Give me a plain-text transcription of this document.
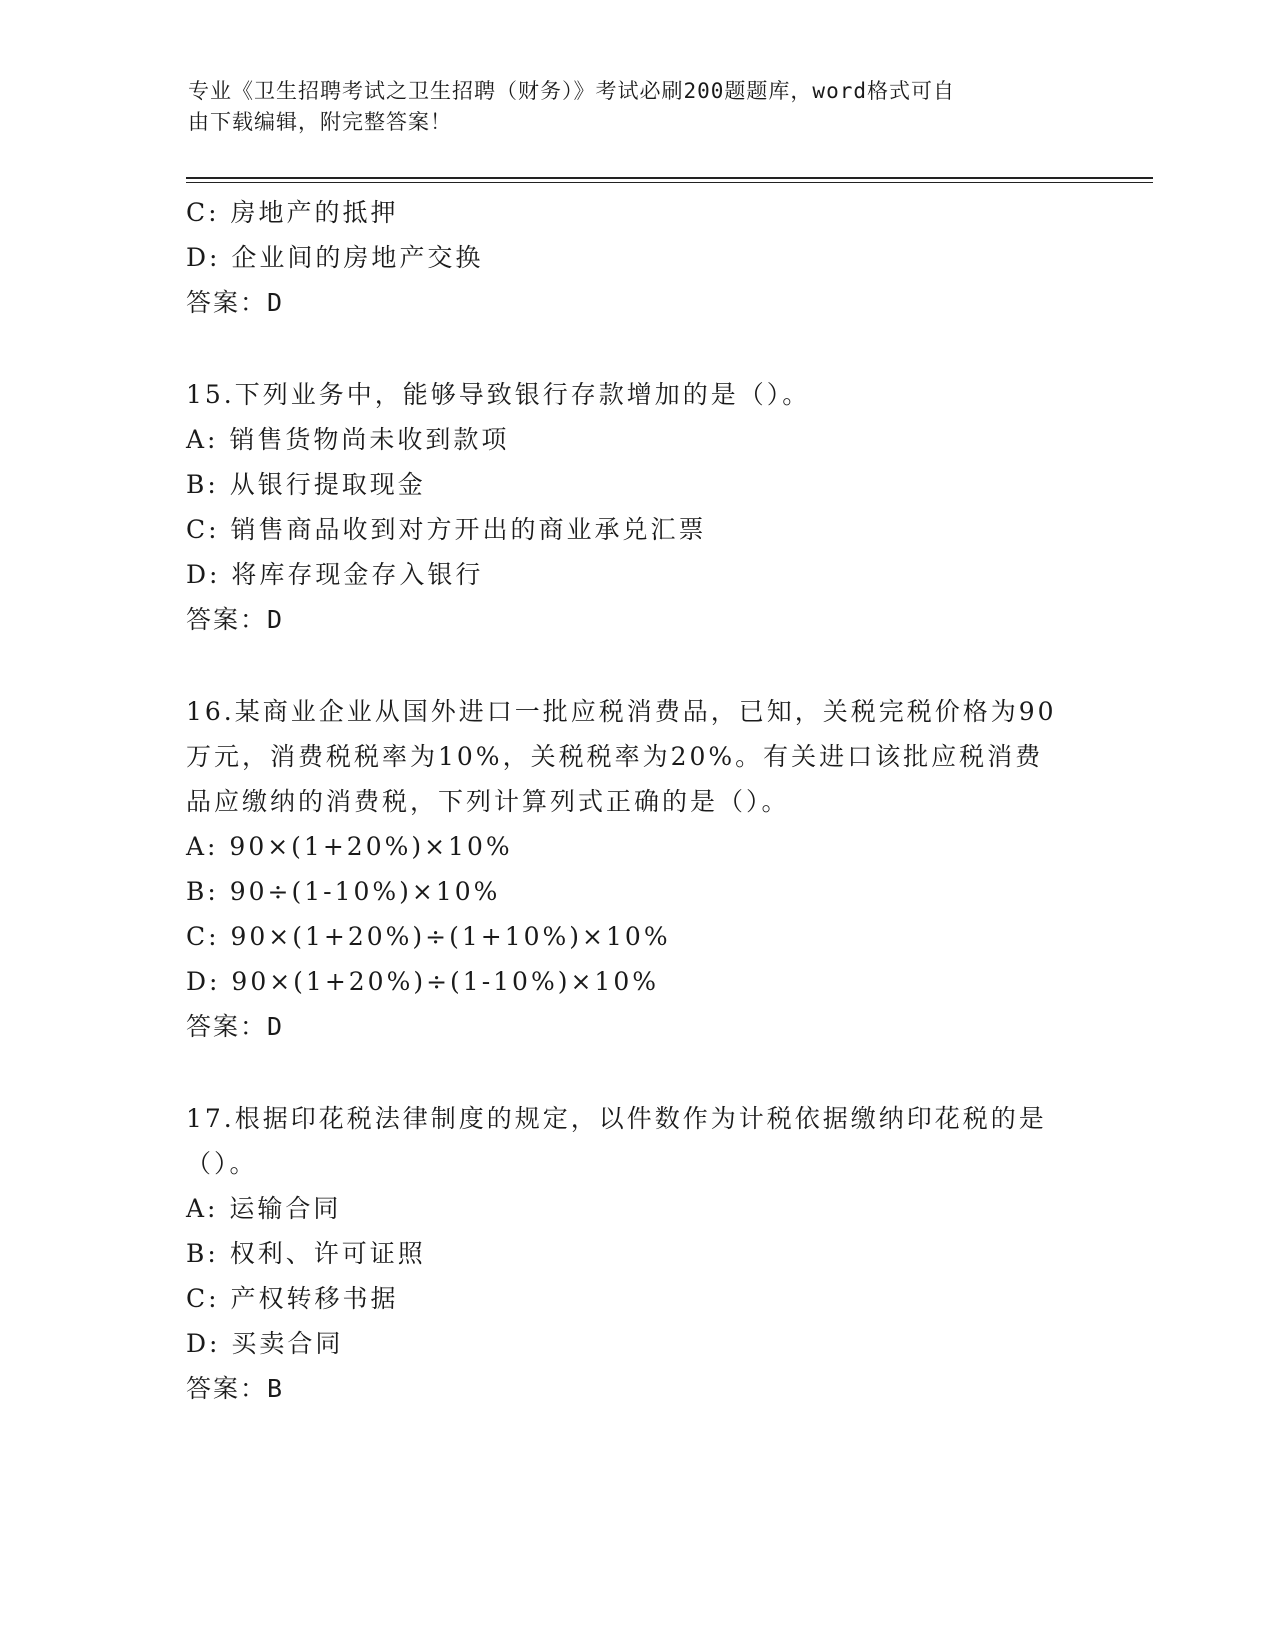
专业《卫生招聘考试之卫生招聘（财务）》考试必刷200题题库，word格式可自
由下载编辑，附完整答案！
C: 房地产的抵押
D: 企业间的房地产交换
答案：D
15.下列业务中，能够导致银行存款增加的是（）。
A: 销售货物尚未收到款项
B: 从银行提取现金
C: 销售商品收到对方开出的商业承兑汇票
D: 将库存现金存入银行
答案：D
16.某商业企业从国外进口一批应税消费品，已知，关税完税价格为90
万元，消费税税率为10%，关税税率为20%。有关进口该批应税消费
品应缴纳的消费税，下列计算列式正确的是（）。
A: 90×(1+20%)×10%
B: 90÷(1-10%)×10%
C: 90×(1+20%)÷(1+10%)×10%
D: 90×(1+20%)÷(1-10%)×10%
答案：D
17.根据印花税法律制度的规定，以件数作为计税依据缴纳印花税的是
（）。
A: 运输合同
B: 权利、许可证照
C: 产权转移书据
D: 买卖合同
答案：B
